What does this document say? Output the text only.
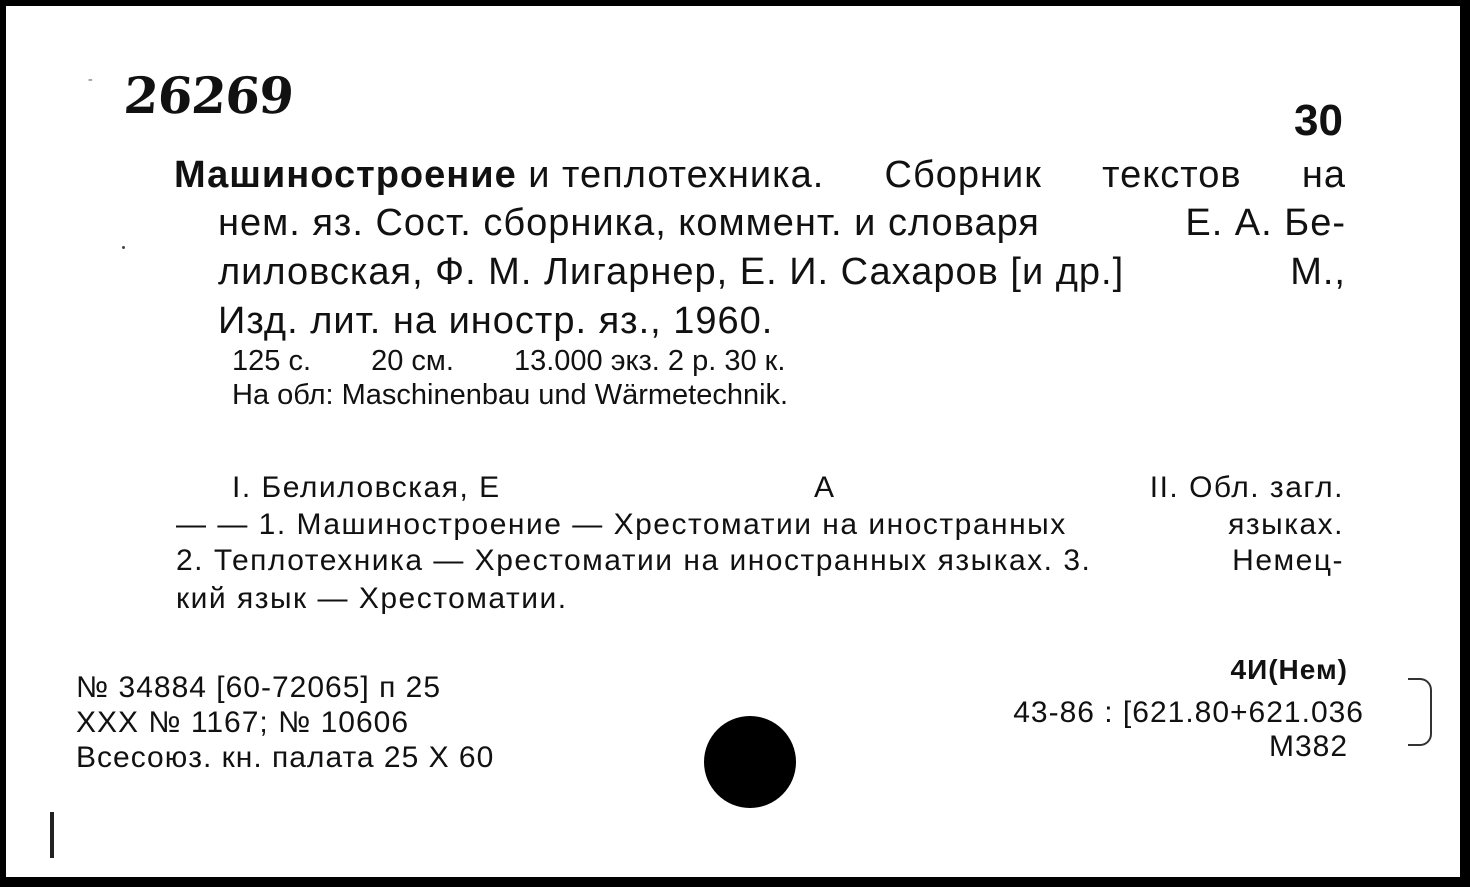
- 26269	30
Машиностроение и теплотехника. Сборник текстов на
нем. яз. Сост. сборника, коммент. и словаря	Е. А. Бе-
лиловская, Ф. М. Лигарнер, Е. И. Сахаров [и др.]	М.,
Изд. лит. на иностр. яз., 1960.
125 с. 20 см. 13.000 экз. 2 р. 30 к.
На обл: Maschinenbau und Wärmetechnik.
I. Белиловская, Е	А	II. Обл. загл.
— — 1. Машиностроение — Хрестоматии на иностранных	языках.
2. Теплотехника — Хрестоматии на иностранных языках. 3.	Немец-
кий язык — Хрестоматии.
№ 34884 [60-72065] п 25
XXX № 1167; № 10606
Всесоюз. кн. палата 25 X 60
4И(Нем)
43-86 : [621.80+621.036
М382
